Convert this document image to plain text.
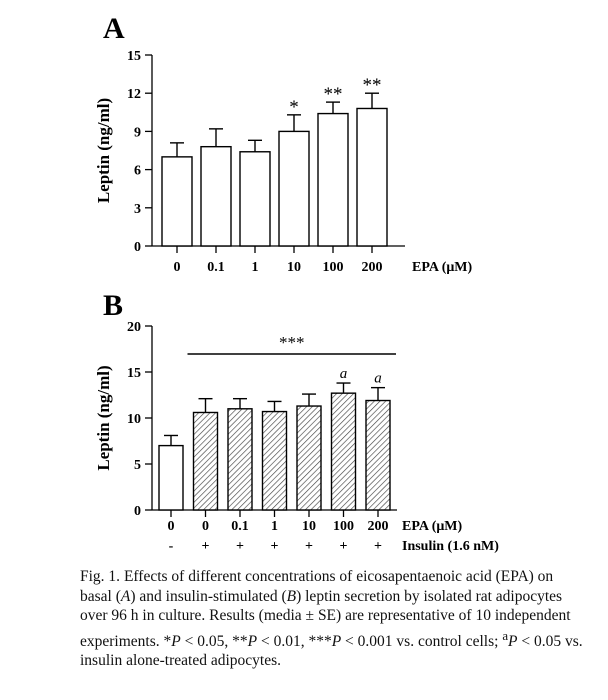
A
0
3
6
9
12
15
Leptin (ng/ml)
0 0.1 1
*
10
**
100
**
200 EPA (μM)
B
0
5
10
15
20
Leptin (ng/ml)
0
-
0
+
0.1
+
1
+
10
+
a
100
+
a
200
+
EPA (μM)
Insulin (1.6 nM)
***

Fig. 1. Effects of different concentrations of eicosapentaenoic acid (EPA) on basal (A) and insulin-stimulated (B) leptin secretion by isolated rat adipocytes over 96 h in culture. Results (media ± SE) are representative of 10 independent experiments. *P < 0.05, **P < 0.01, ***P < 0.001 vs. control cells; $^a$P < 0.05 vs. insulin alone-treated adipocytes.
